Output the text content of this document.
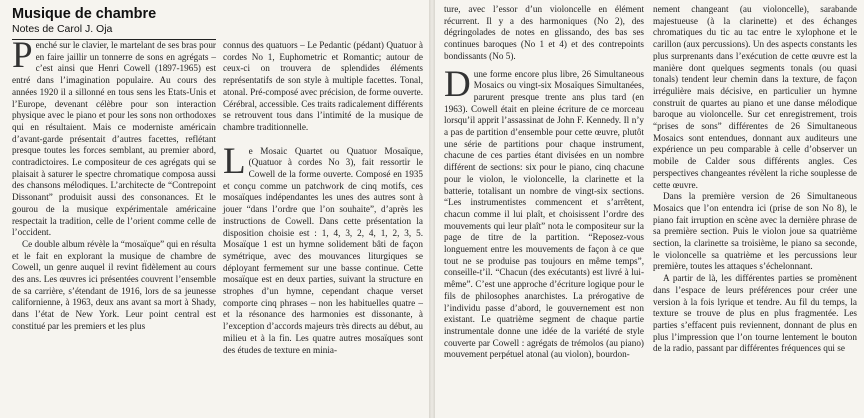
Musique de chambre
Notes de Carol J. Oja

Penché sur le clavier, le martelant de ses bras pour en faire jaillir un tonnerre de sons en agrégats – c’est ainsi que Henri Cowell (1897-1965) est entré dans l’imagination populaire. Au cours des années 1920 il a sillonné en tous sens les Etats-Unis et l’Europe, devenant célèbre pour son interaction physique avec le piano et pour les sons non orthodoxes qui en résultaient. Mais ce moderniste américain d’avant-garde présentait d’autres facettes, reflétant presque toutes les forces semblant, au premier abord, contradictoires. Le compositeur de ces agrégats qui se plaisait à saturer le spectre chromatique composa aussi des chansons mélodiques. L’architecte de “Contrepoint Dissonant” produisit aussi des consonances. Et le gourou de la musique expérimentale américaine respectait la tradition, celle de l’orient comme celle de l’occident.

Ce double album révèle la “mosaïque” qui en résulta et le fait en explorant la musique de chambre de Cowell, un genre auquel il revint fidèlement au cours des ans. Les œuvres ici présentées couvrent l’ensemble de sa carrière, s’étendant de 1916, lors de sa jeunesse californienne, à 1963, deux ans avant sa mort à Shady, dans l’état de New York. Leur point central est constitué par les premiers et les plus

connus des quatuors – Le Pedantic (pédant) Quatuor à cordes No 1, Euphometric et Romantic; autour de ceux-ci on trouvera de splendides éléments représentatifs de son style à multiple facettes. Tonal, atonal. Pré-composé avec précision, de forme ouverte. Cérébral, accessible. Ces traits radicalement différents se retrouvent tous dans l’intimité de la musique de chambre traditionnelle.

Le Mosaic Quartet ou Quatuor Mosaïque, (Quatuor à cordes No 3), fait ressortir le Cowell de la forme ouverte. Composé en 1935 et conçu comme un patchwork de cinq motifs, ces mosaïques indépendantes les unes des autres sont à jouer “dans l’ordre que l’on souhaite”, d’après les instructions de Cowell. Dans cette présentation la disposition choisie est : 1, 4, 3, 2, 4, 1, 2, 3, 5. Mosaïque 1 est un hymne solidement bâti de façon symétrique, avec des mouvances liturgiques se déployant fermement sur une basse continue. Cette mosaïque est en deux parties, suivant la structure en strophes d’un hymne, cependant chaque verset comporte cinq phrases – non les habituelles quatre – et la résonance des harmonies est dissonante, à l’exception d’accords majeurs très directs au début, au milieu et à la fin. Les quatre autres mosaïques sont des études de texture en minia-

ture, avec l’essor d’un violoncelle en élément récurrent. Il y a des harmoniques (No 2), des dégringolades de notes en glissando, des bas ses continues baroques (No 1 et 4) et des contrepoints bondissants (No 5).

Dune forme encore plus libre, 26 Simultaneous Mosaics ou vingt-six Mosaïques Simultanées, parurent presque trente ans plus tard (en 1963). Cowell était en pleine écriture de ce morceau lorsqu’il apprit l’assassinat de John F. Kennedy. Il n’y a pas de partition d’ensemble pour cette œuvre, plutôt une série de partitions pour chaque instrument, chacune de ces parties étant divisées en un nombre différent de sections: six pour le piano, cinq chacune pour le violon, le violoncelle, la clarinette et la batterie, totalisant un nombre de vingt-six sections. “Les instrumentistes commencent et s’arrêtent, chacun comme il lui plaît, et choisissent l’ordre des mouvements qui leur plaît” nota le compositeur sur la page de titre de la partition. “Reposez-vous longuement entre les mouvements de façon à ce que tout ne se produise pas toujours en même temps”, conseille-t’il. “Chacun (des exécutants) est livré à lui-même”. C’est une approche d’écriture logique pour le fils de philosophes anarchistes. La prérogative de l’individu passe d’abord, le gouvernement est non existant. Le quatrième segment de chaque partie instrumentale donne une idée de la variété de style couverte par Cowell : agrégats de trémolos (au piano) mouvement perpétuel atonal (au violon), bourdon-

nement changeant (au violoncelle), sarabande majestueuse (à la clarinette) et des échanges chromatiques du tic au tac entre le xylophone et le carillon (aux percussions). Un des aspects constants les plus surprenants dans l’exécution de cette œuvre est la manière dont quelques segments tonals (ou quasi tonals) tendent leur chemin dans la texture, de façon irrégulière mais décisive, en particulier un hymne construit de quartes au piano et une danse mélodique baroque au violoncelle. Sur cet enregistrement, trois “prises de sons” différentes de 26 Simultaneous Mosaics sont entendues, donnant aux auditeurs une expérience un peu comparable à celle d’observer un mobile de Calder sous différents angles. Ces perspectives changeantes révèlent la riche souplesse de cette œuvre.

Dans la première version de 26 Simultaneous Mosaics que l’on entendra ici (prise de son No 8), le piano fait irruption en scène avec la dernière phrase de sa première section. Puis le violon joue sa quatrième section, la clarinette sa troisième, le piano sa seconde, le violoncelle sa quatrième et les percussions leur première, toutes les attaques s’échelonnant.

A partir de là, les différentes parties se promènent dans l’espace de leurs préférences pour créer une version à la fois lyrique et tendre. Au fil du temps, la texture se trouve de plus en plus fragmentée. Les parties s’effacent puis reviennent, donnant de plus en plus l’impression que l’on tourne lentement le bouton de la radio, passant par différentes fréquences qui se
